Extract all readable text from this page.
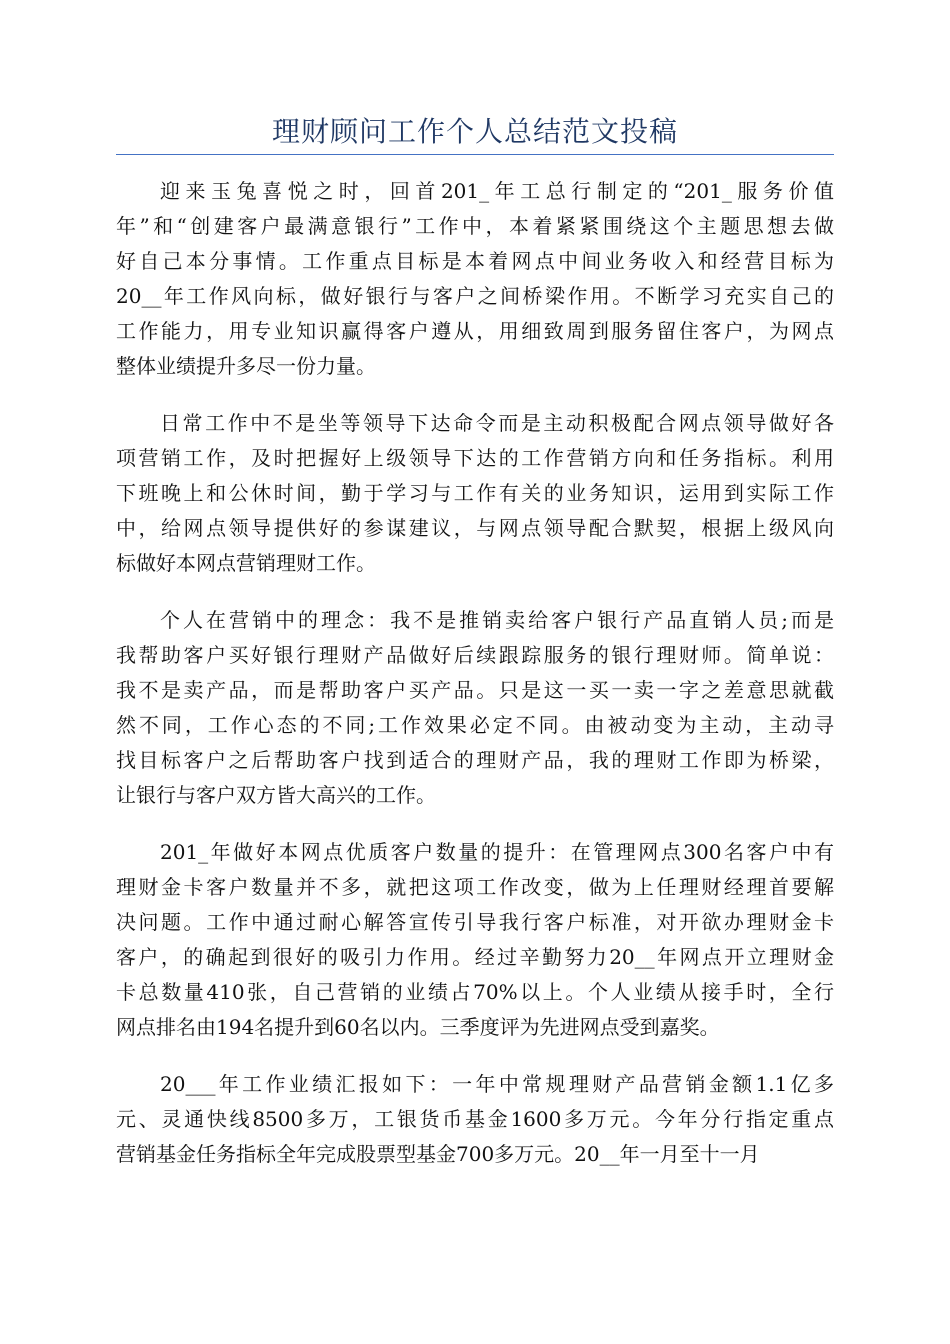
理财顾问工作个人总结范文投稿
迎来玉兔喜悦之时，回首201_年工总行制定的“201_服务价值
年”和“创建客户最满意银行”工作中，本着紧紧围绕这个主题思想去做
好自己本分事情。工作重点目标是本着网点中间业务收入和经营目标为
20__年工作风向标，做好银行与客户之间桥梁作用。不断学习充实自己的
工作能力，用专业知识赢得客户遵从，用细致周到服务留住客户，为网点
整体业绩提升多尽一份力量。
日常工作中不是坐等领导下达命令而是主动积极配合网点领导做好各
项营销工作，及时把握好上级领导下达的工作营销方向和任务指标。利用
下班晚上和公休时间，勤于学习与工作有关的业务知识，运用到实际工作
中，给网点领导提供好的参谋建议，与网点领导配合默契，根据上级风向
标做好本网点营销理财工作。
个人在营销中的理念：我不是推销卖给客户银行产品直销人员;而是
我帮助客户买好银行理财产品做好后续跟踪服务的银行理财师。简单说：
我不是卖产品，而是帮助客户买产品。只是这一买一卖一字之差意思就截
然不同，工作心态的不同;工作效果必定不同。由被动变为主动，主动寻
找目标客户之后帮助客户找到适合的理财产品，我的理财工作即为桥梁，
让银行与客户双方皆大高兴的工作。
201_年做好本网点优质客户数量的提升：在管理网点300名客户中有
理财金卡客户数量并不多，就把这项工作改变，做为上任理财经理首要解
决问题。工作中通过耐心解答宣传引导我行客户标准，对开欲办理财金卡
客户，的确起到很好的吸引力作用。经过辛勤努力20__年网点开立理财金
卡总数量410张，自己营销的业绩占70%以上。个人业绩从接手时，全行
网点排名由194名提升到60名以内。三季度评为先进网点受到嘉奖。
20___年工作业绩汇报如下：一年中常规理财产品营销金额1.1亿多
元、灵通快线8500多万，工银货币基金1600多万元。今年分行指定重点
营销基金任务指标全年完成股票型基金700多万元。20__年一月至十一月
